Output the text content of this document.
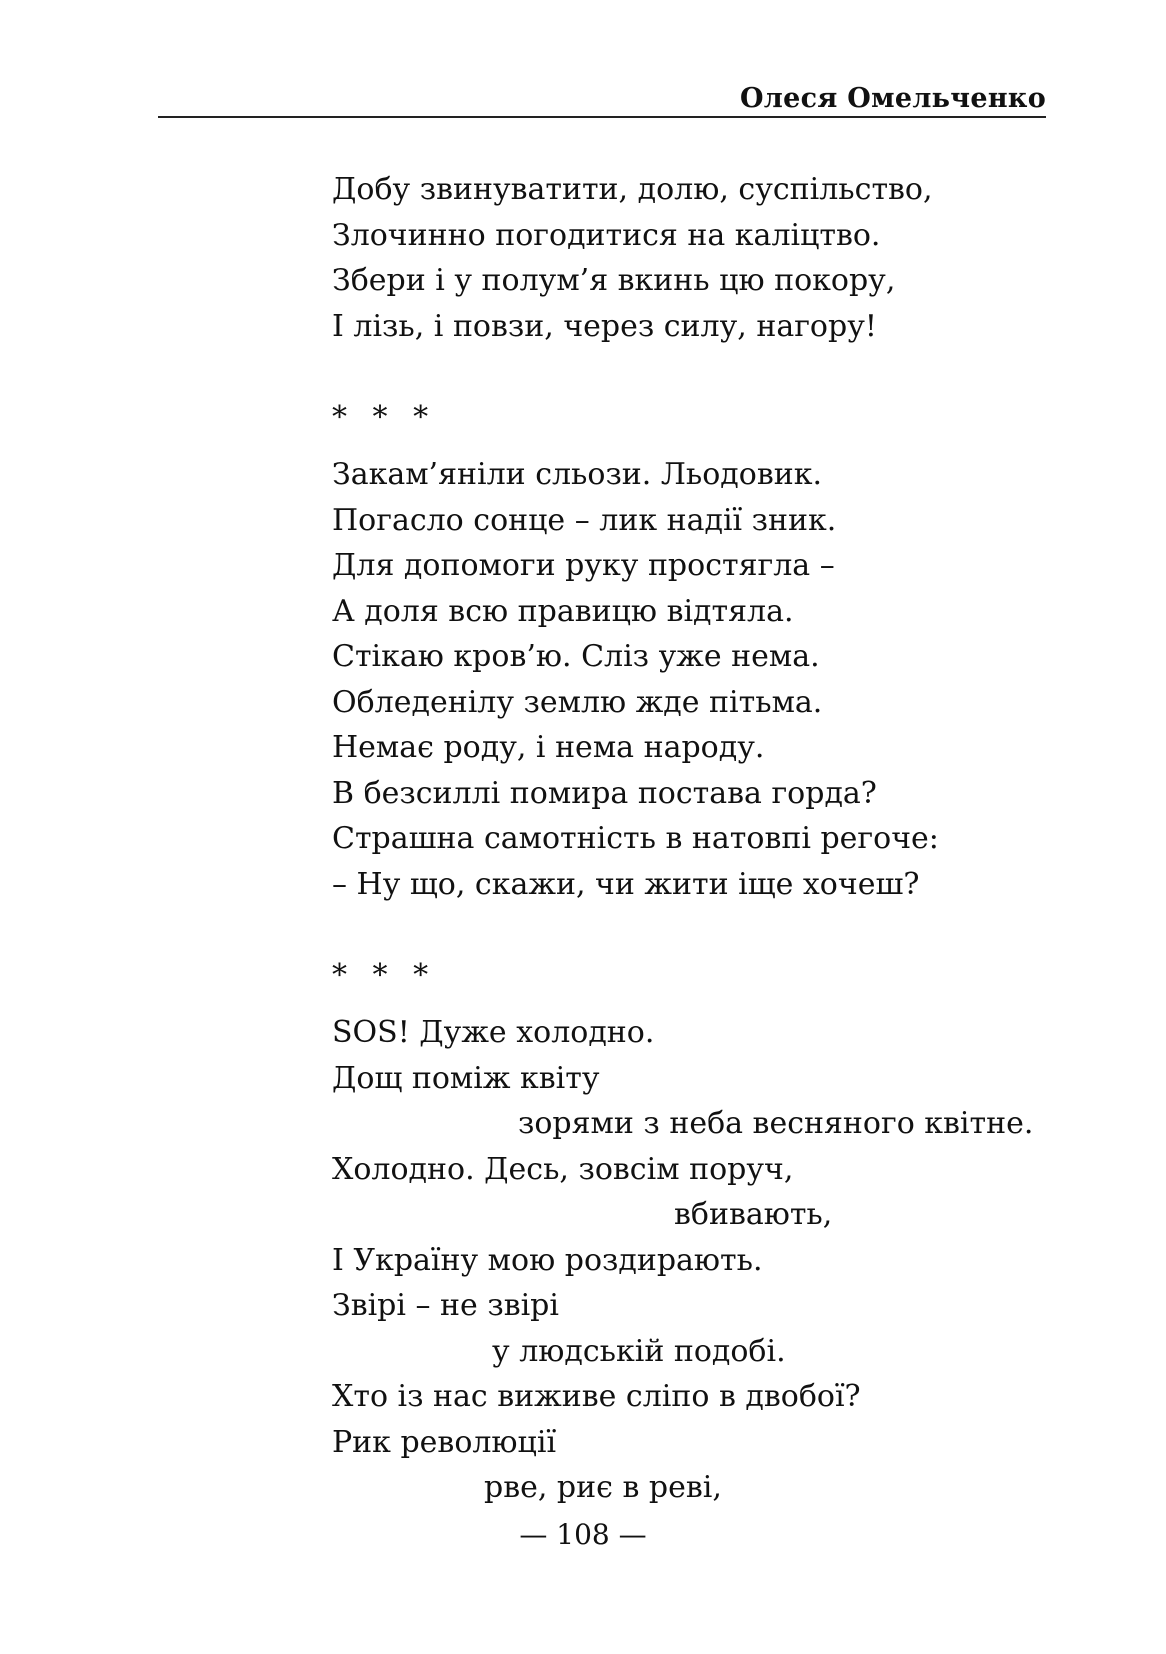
Олеся Омельченко
Добу звинуватити, долю, суспільство,
Злочинно погодитися на каліцтво.
Збери і у полум’я вкинь цю покору,
І лізь, і повзи, через силу, нагору!
* * *
Закам’яніли сльози. Льодовик.
Погасло сонце – лик надії зник.
Для допомоги руку простягла –
А доля всю правицю відтяла.
Стікаю кров’ю. Сліз уже нема.
Обледенілу землю жде пітьма.
Немає роду, і нема народу.
В безсиллі помира постава горда?
Страшна самотність в натовпі регоче:
– Ну що, скажи, чи жити іще хочеш?
* * *
SOS! Дуже холодно.
Дощ поміж квіту
зорями з неба весняного квітне.
Холодно. Десь, зовсім поруч,
вбивають,
І Україну мою роздирають.
Звірі – не звірі
у людській подобі.
Хто із нас виживе сліпо в двобої?
Рик революції
рве, риє в реві,
— 108 —
